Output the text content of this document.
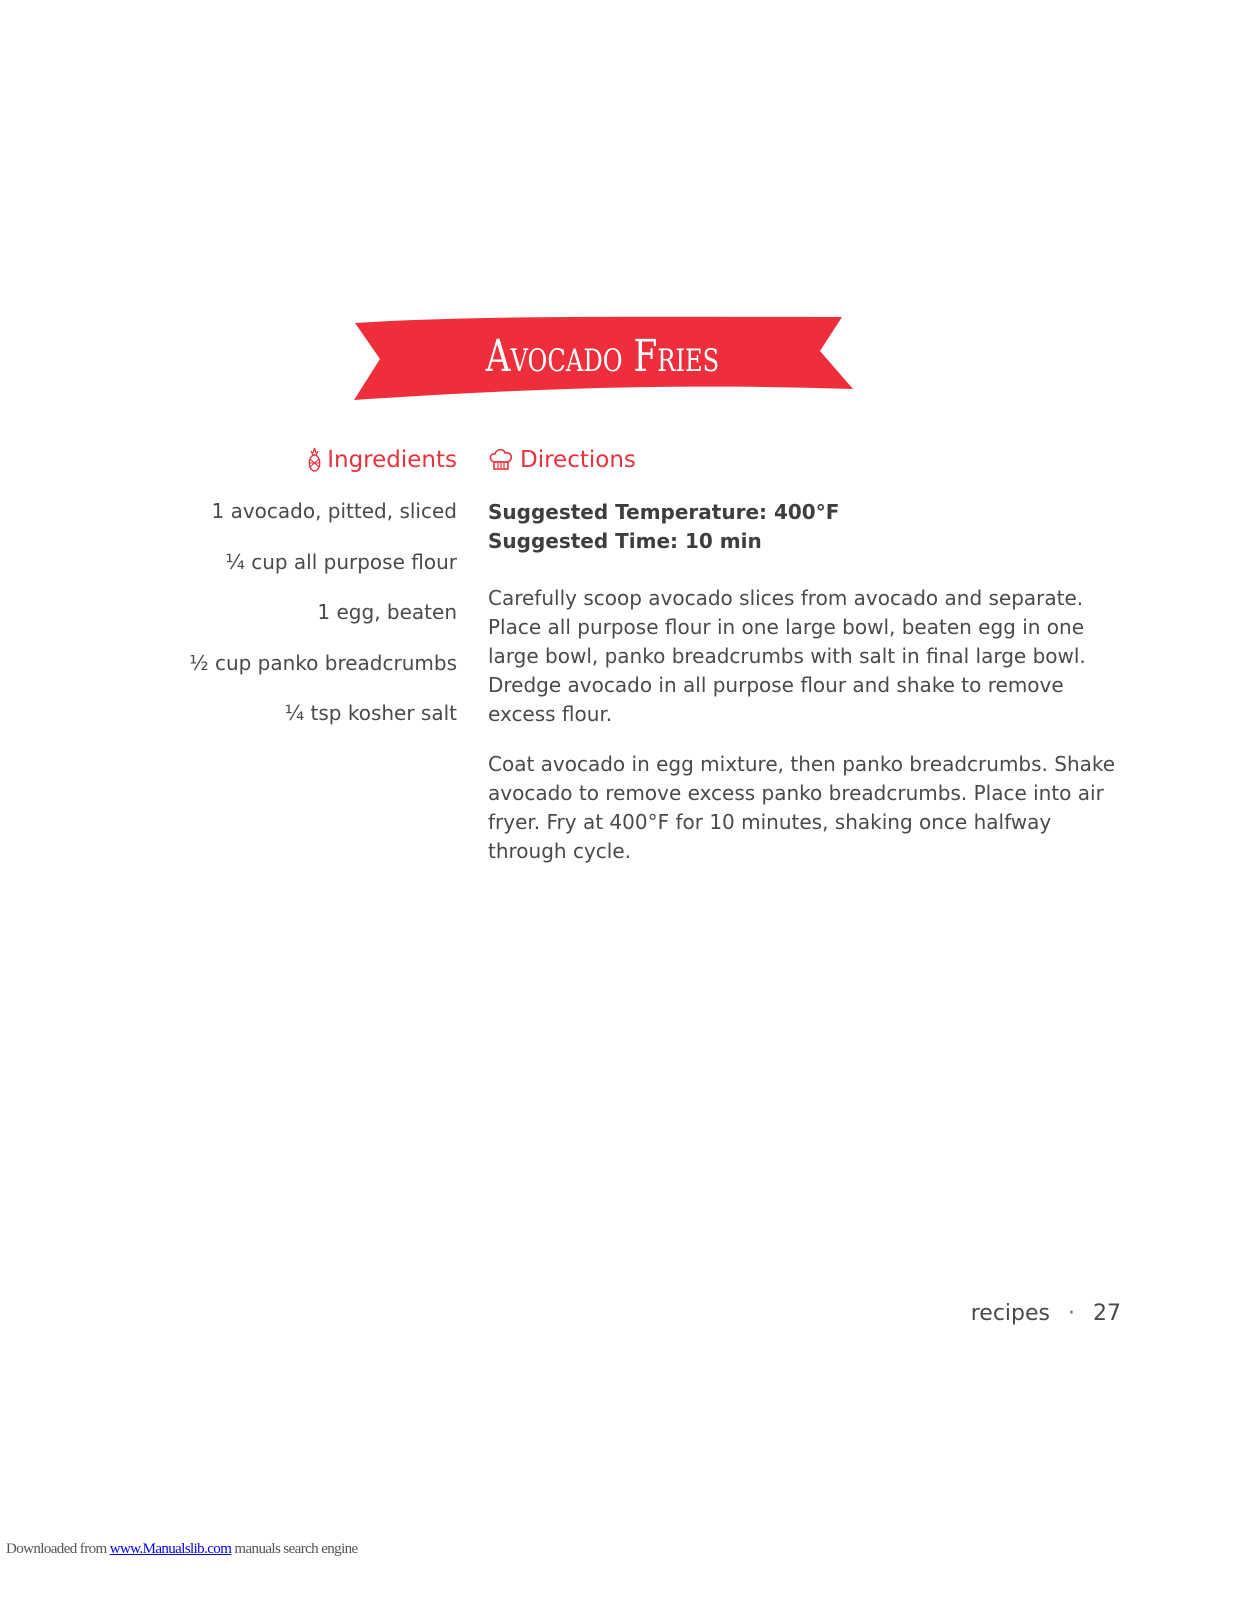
Avocado Fries
Ingredients
1 avocado, pitted, sliced
¼ cup all purpose flour
1 egg, beaten
½ cup panko breadcrumbs
¼ tsp kosher salt
Directions
Suggested Temperature: 400°F
Suggested Time: 10 min

Carefully scoop avocado slices from avocado and separate. Place all purpose flour in one large bowl, beaten egg in one large bowl, panko breadcrumbs with salt in final large bowl. Dredge avocado in all purpose flour and shake to remove excess flour.

Coat avocado in egg mixture, then panko breadcrumbs. Shake avocado to remove excess panko breadcrumbs. Place into air fryer. Fry at 400°F for 10 minutes, shaking once halfway through cycle.

recipes · 27
Downloaded from www.Manualslib.com manuals search engine
